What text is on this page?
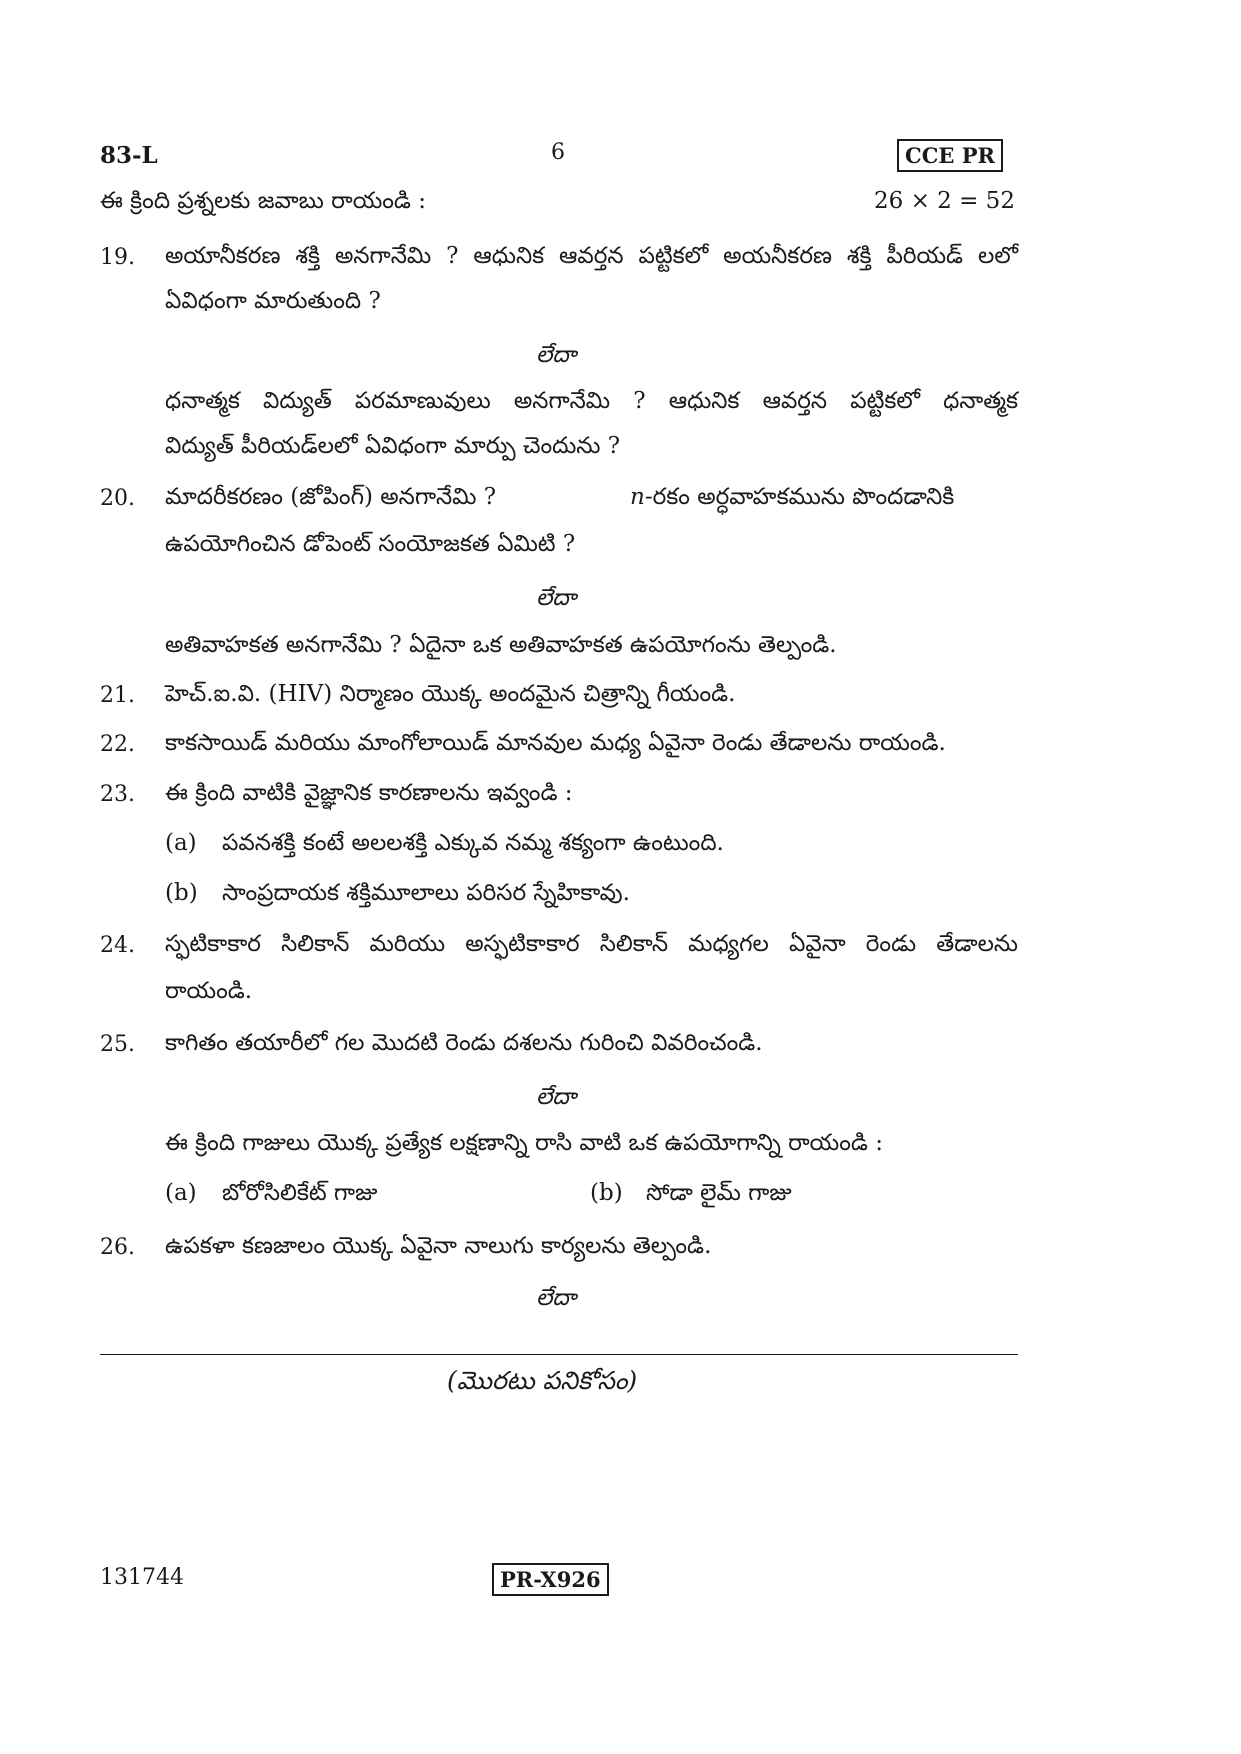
83-L	6	CCE PR
ఈ క్రింది ప్రశ్నలకు జవాబు రాయండి :	26 × 2 = 52
19. అయానీకరణ శక్తి అనగానేమి ? ఆధునిక ఆవర్తన పట్టికలో అయనీకరణ శక్తి పీరియడ్ లలో
ఏవిధంగా మారుతుంది ?
లేదా
ధనాత్మక విద్యుత్ పరమాణువులు అనగానేమి ? ఆధునిక ఆవర్తన పట్టికలో ధనాత్మక
విద్యుత్ పీరియడ్‌లలో ఏవిధంగా మార్పు చెందును ?
20. మాదరీకరణం (జోపింగ్) అనగానేమి ?	n-రకం అర్ధవాహకమును పొందడానికి
ఉపయోగించిన డోపెంట్ సంయోజకత ఏమిటి ?
లేదా
అతివాహకత అనగానేమి ? ఏదైనా ఒక అతివాహకత ఉపయోగంను తెల్పండి.
21. హెచ్.ఐ.వి. (HIV) నిర్మాణం యొక్క అందమైన చిత్రాన్ని గీయండి.
22. కాకసాయిడ్ మరియు మాంగోలాయిడ్ మానవుల మధ్య ఏవైనా రెండు తేడాలను రాయండి.
23. ఈ క్రింది వాటికి వైజ్ఞానిక కారణాలను ఇవ్వండి :
(a) పవనశక్తి కంటే అలలశక్తి ఎక్కువ నమ్మ శక్యంగా ఉంటుంది.
(b) సాంప్రదాయక శక్తిమూలాలు పరిసర స్నేహికావు.
24. స్ఫటికాకార సిలికాన్ మరియు అస్ఫటికాకార సిలికాన్ మధ్యగల ఏవైనా రెండు తేడాలను
రాయండి.
25. కాగితం తయారీలో గల మొదటి రెండు దశలను గురించి వివరించండి.
లేదా
ఈ క్రింది గాజులు యొక్క ప్రత్యేక లక్షణాన్ని రాసి వాటి ఒక ఉపయోగాన్ని రాయండి :
(a) బోరోసిలికేట్ గాజు	(b) సోడా లైమ్ గాజు
26. ఉపకళా కణజాలం యొక్క ఏవైనా నాలుగు కార్యలను తెల్పండి.
లేదా
(మొరటు పనికోసం)
131744	PR-X926
